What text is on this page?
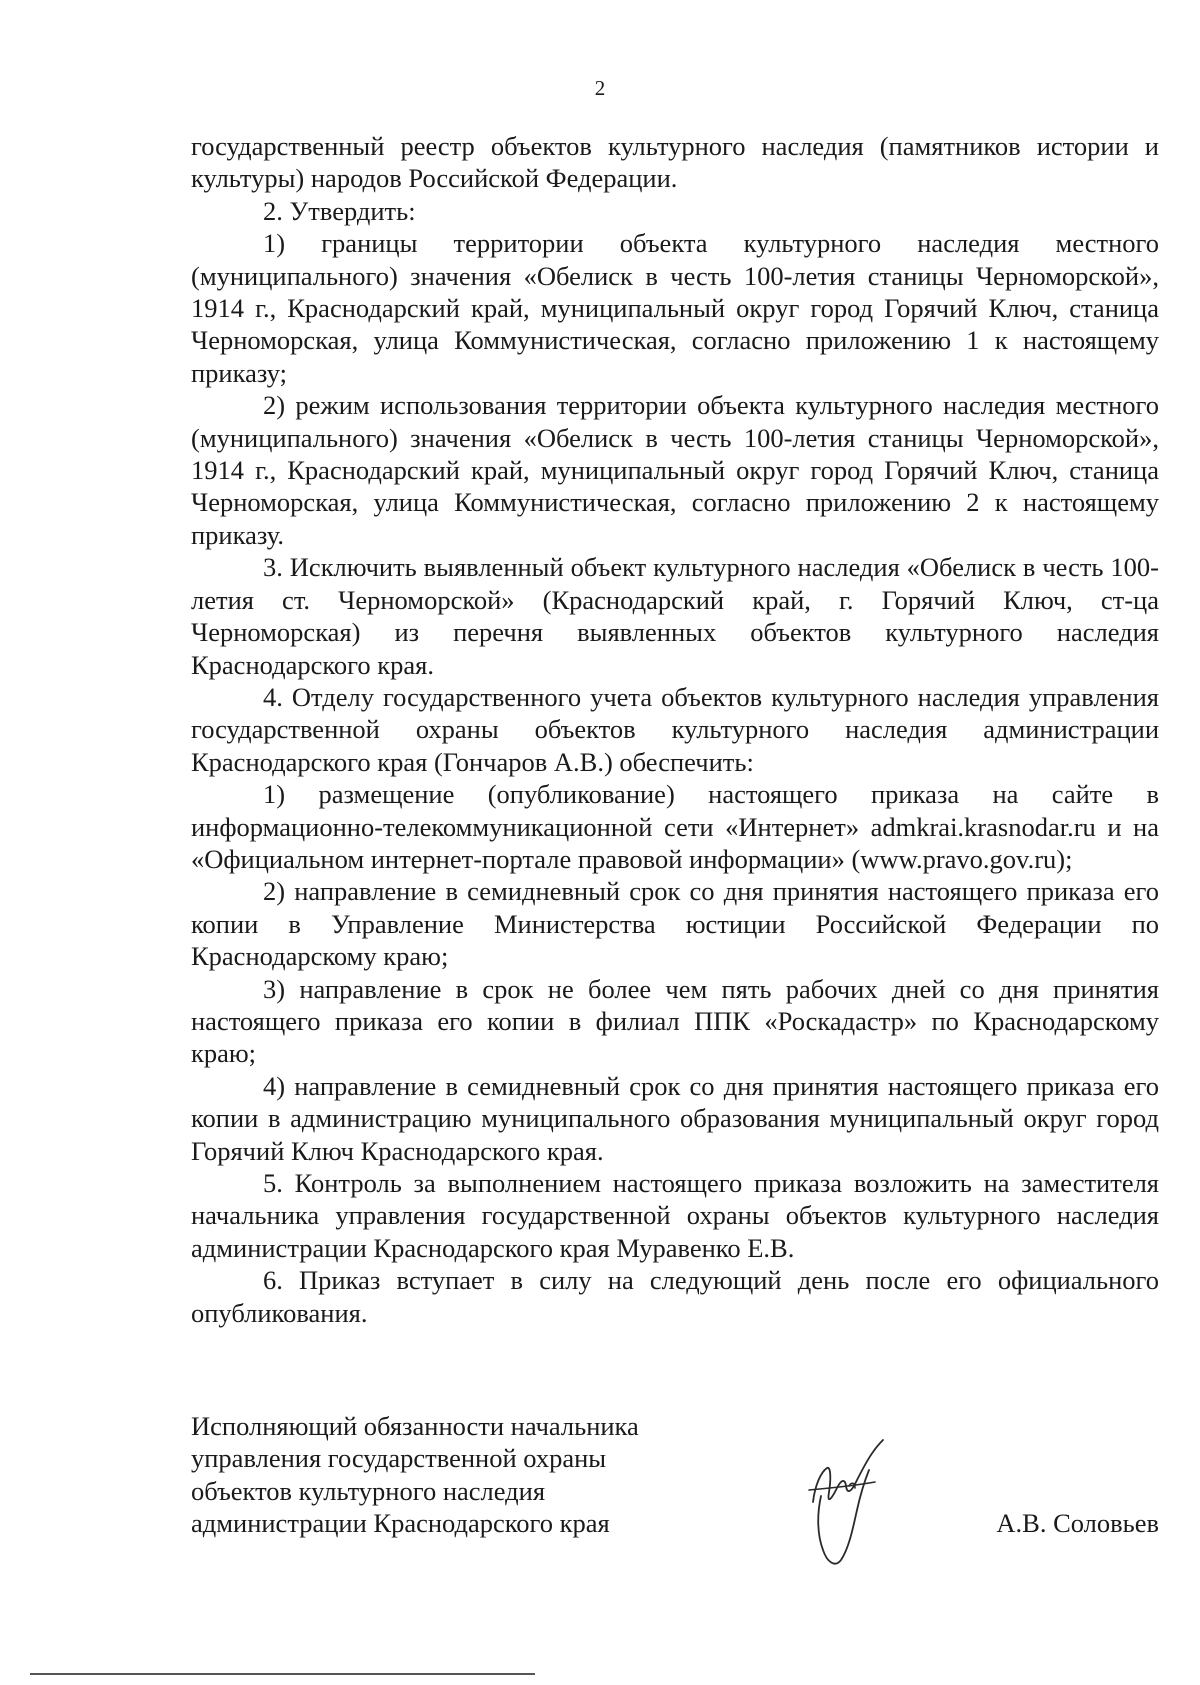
2

государственный реестр объектов культурного наследия (памятников истории и культуры) народов Российской Федерации.

2. Утвердить:

1) границы территории объекта культурного наследия местного (муниципального) значения «Обелиск в честь 100-летия станицы Черноморской», 1914 г., Краснодарский край, муниципальный округ город Горячий Ключ, станица Черноморская, улица Коммунистическая, согласно приложению 1 к настоящему приказу;

2) режим использования территории объекта культурного наследия местного (муниципального) значения «Обелиск в честь 100-летия станицы Черноморской», 1914 г., Краснодарский край, муниципальный округ город Горячий Ключ, станица Черноморская, улица Коммунистическая, согласно приложению 2 к настоящему приказу.

3. Исключить выявленный объект культурного наследия «Обелиск в честь 100-летия ст. Черноморской» (Краснодарский край, г. Горячий Ключ, ст-ца Черноморская) из перечня выявленных объектов культурного наследия Краснодарского края.

4. Отделу государственного учета объектов культурного наследия управления государственной охраны объектов культурного наследия администрации Краснодарского края (Гончаров А.В.) обеспечить:

1) размещение (опубликование) настоящего приказа на сайте в информационно-телекоммуникационной сети «Интернет» admkrai.krasnodar.ru и на «Официальном интернет-портале правовой информации» (www.pravo.gov.ru);

2) направление в семидневный срок со дня принятия настоящего приказа его копии в Управление Министерства юстиции Российской Федерации по Краснодарскому краю;

3) направление в срок не более чем пять рабочих дней со дня принятия настоящего приказа его копии в филиал ППК «Роскадастр» по Краснодарскому краю;

4) направление в семидневный срок со дня принятия настоящего приказа его копии в администрацию муниципального образования муниципальный округ город Горячий Ключ Краснодарского края.

5. Контроль за выполнением настоящего приказа возложить на заместителя начальника управления государственной охраны объектов культурного наследия администрации Краснодарского края Муравенко Е.В.

6. Приказ вступает в силу на следующий день после его официального опубликования.

Исполняющий обязанности начальника
управления государственной охраны
объектов культурного наследия
администрации Краснодарского края	А.В. Соловьев
